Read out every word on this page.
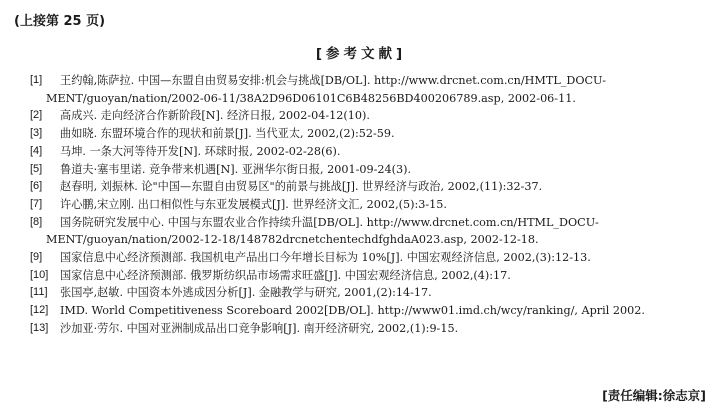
(上接第 25 页)
[参考文献]
[1] 王约翰,陈萨拉. 中国—东盟自由贸易安排:机会与挑战[DB/OL]. http://www.drcnet.com.cn/HMTL_DOCU-
MENT/guoyan/nation/2002-06-11/38A2D96D06101C6B48256BD400206789.asp, 2002-06-11.
[2] 高成兴. 走向经济合作新阶段[N]. 经济日报, 2002-04-12(10).
[3] 曲如晓. 东盟环境合作的现状和前景[J]. 当代亚太, 2002,(2):52-59.
[4] 马坤. 一条大河等待开发[N]. 环球时报, 2002-02-28(6).
[5] 鲁道夫·塞韦里诺. 竞争带来机遇[N]. 亚洲华尔街日报, 2001-09-24(3).
[6] 赵春明, 刘振林. 论"中国—东盟自由贸易区"的前景与挑战[J]. 世界经济与政治, 2002,(11):32-37.
[7] 许心鹏,宋立刚. 出口相似性与东亚发展模式[J]. 世界经济文汇, 2002,(5):3-15.
[8] 国务院研究发展中心. 中国与东盟农业合作持续升温[DB/OL]. http://www.drcnet.com.cn/HTML_DOCU-
MENT/guoyan/nation/2002-12-18/148782drcnetchentechdfghdaA023.asp, 2002-12-18.
[9] 国家信息中心经济预测部. 我国机电产品出口今年增长目标为 10%[J]. 中国宏观经济信息, 2002,(3):12-13.
[10] 国家信息中心经济预测部. 俄罗斯纺织品市场需求旺盛[J]. 中国宏观经济信息, 2002,(4):17.
[11] 张国亭,赵敏. 中国资本外逃成因分析[J]. 金融教学与研究, 2001,(2):14-17.
[12] IMD. World Competitiveness Scoreboard 2002[DB/OL]. http://www01.imd.ch/wcy/ranking/, April 2002.
[13] 沙加亚·劳尔. 中国对亚洲制成品出口竞争影响[J]. 南开经济研究, 2002,(1):9-15.
[责任编辑:徐志京]
